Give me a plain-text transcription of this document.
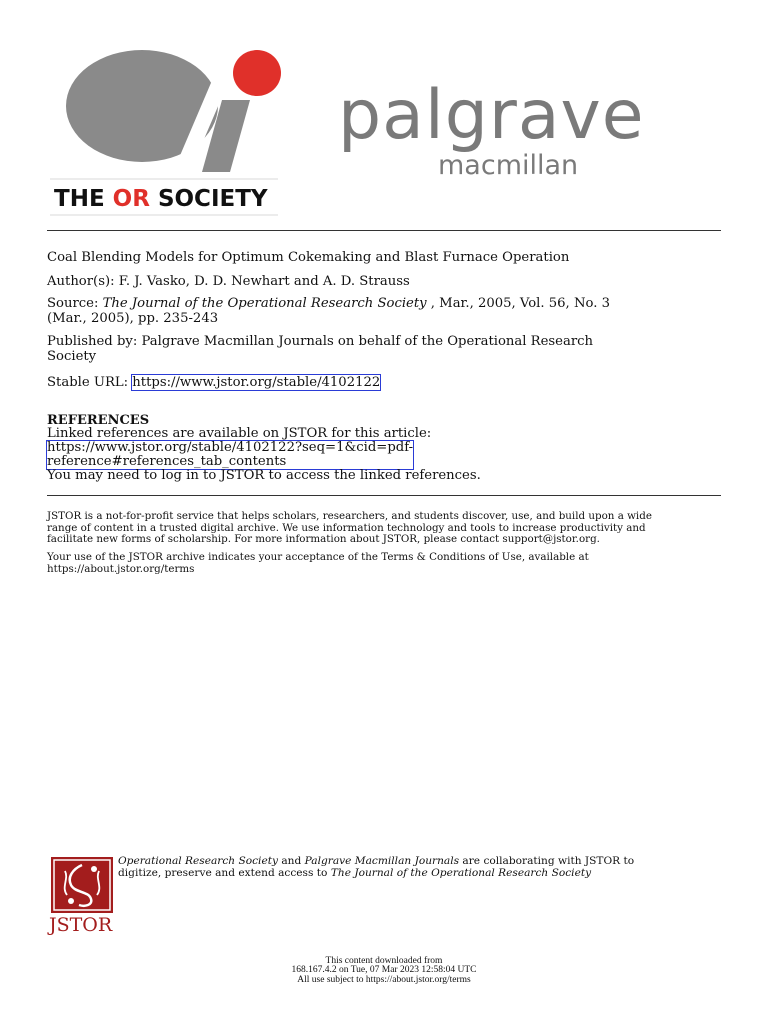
palgrave
macmillan
THE OR SOCIETY
Coal Blending Models for Optimum Cokemaking and Blast Furnace Operation
Author(s): F. J. Vasko, D. D. Newhart and A. D. Strauss
Source: The Journal of the Operational Research Society , Mar., 2005, Vol. 56, No. 3
(Mar., 2005), pp. 235-243
Published by: Palgrave Macmillan Journals on behalf of the Operational Research
Society
Stable URL: https://www.jstor.org/stable/4102122
REFERENCES
Linked references are available on JSTOR for this article:
https://www.jstor.org/stable/4102122?seq=1&cid=pdf-
reference#references_tab_contents
You may need to log in to JSTOR to access the linked references.
JSTOR is a not-for-profit service that helps scholars, researchers, and students discover, use, and build upon a wide
range of content in a trusted digital archive. We use information technology and tools to increase productivity and
facilitate new forms of scholarship. For more information about JSTOR, please contact support@jstor.org.
Your use of the JSTOR archive indicates your acceptance of the Terms & Conditions of Use, available at
https://about.jstor.org/terms
JSTOR
Operational Research Society and Palgrave Macmillan Journals are collaborating with JSTOR to
digitize, preserve and extend access to The Journal of the Operational Research Society
This content downloaded from
168.167.4.2 on Tue, 07 Mar 2023 12:58:04 UTC
All use subject to https://about.jstor.org/terms
